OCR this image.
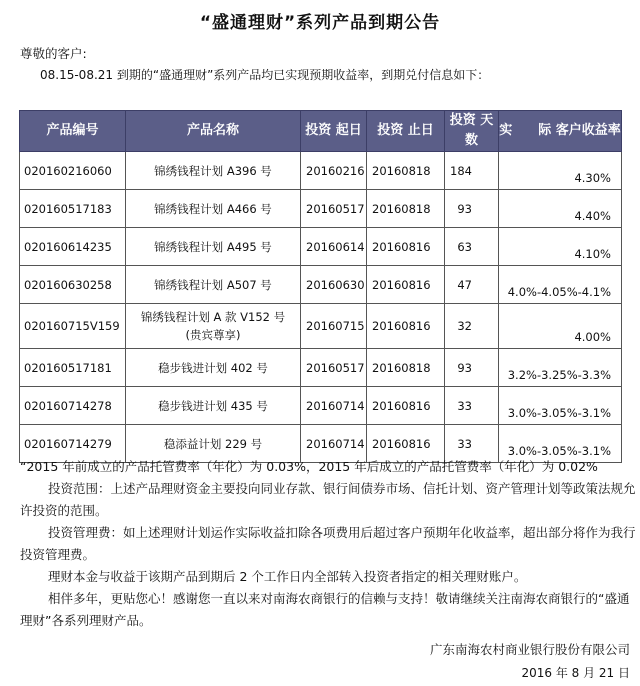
“盛通理财”系列产品到期公告
尊敬的客户:
08.15-08.21 到期的“盛通理财”系列产品均已实现预期收益率，到期兑付信息如下：
产品编号	产品名称	投资 起日	投资 止日	投资 天数	实　　际 客户收益率
020160216060	锦绣钱程计划 A396 号	20160216	20160818	184	4.30%
020160517183	锦绣钱程计划 A466 号	20160517	20160818	93	4.40%
020160614235	锦绣钱程计划 A495 号	20160614	20160816	63	4.10%
020160630258	锦绣钱程计划 A507 号	20160630	20160816	47	4.0%-4.05%-4.1%
020160715V159	锦绣钱程计划 A 款 V152 号
(贵宾尊享)	20160715	20160816	32	4.00%
020160517181	稳步钱进计划 402 号	20160517	20160818	93	3.2%-3.25%-3.3%
020160714278	稳步钱进计划 435 号	20160714	20160816	33	3.0%-3.05%-3.1%
020160714279	稳添益计划 229 号	20160714	20160816	33	3.0%-3.05%-3.1%

“2015 年前成立的产品托管费率（年化）为 0.03%，2015 年后成立的产品托管费率（年化）为 0.02%

投资范围：上述产品理财资金主要投向同业存款、银行间债券市场、信托计划、资产管理计划等政策法规允许投资的范围。

投资管理费：如上述理财计划运作实际收益扣除各项费用后超过客户预期年化收益率，超出部分将作为我行投资管理费。

理财本金与收益于该期产品到期后 2 个工作日内全部转入投资者指定的相关理财账户。

相伴多年，更贴您心！感谢您一直以来对南海农商银行的信赖与支持！敬请继续关注南海农商银行的“盛通理财”各系列理财产品。

广东南海农村商业银行股份有限公司
2016 年 8 月 21 日
